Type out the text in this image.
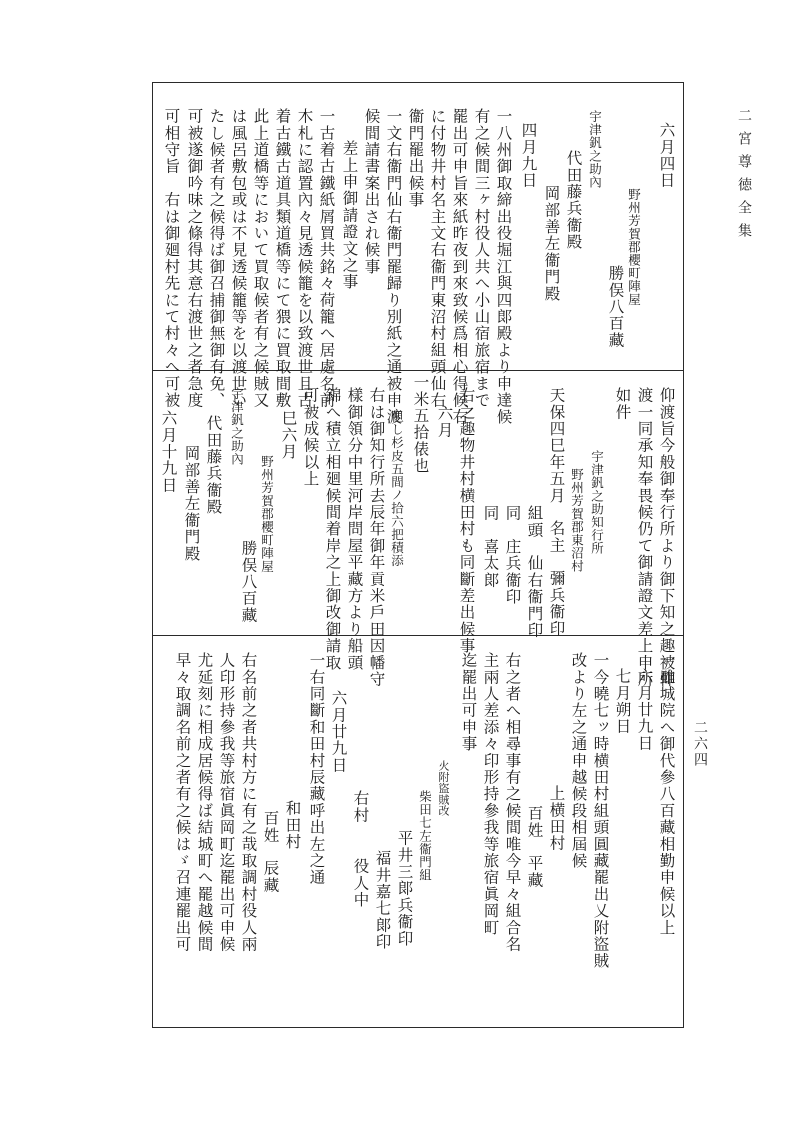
二宮尊徳全集
二六四
六月四日
野州芳賀郡櫻町陣屋
勝俣八百藏
宇津釩之助內
代田藤兵衞殿
岡部善左衞門殿
四月九日
一八州御取締出役堀江與四郞殿より申達候
有之候間三ヶ村役人共へ小山宿旅宿まで
罷出可申旨來紙昨夜到來致候爲相心得候右
に付物井村名主文右衞門東沼村組頭仙右
衞門罷出候事
一文右衞門仙右衞門罷歸り別紙之通被申渡
候間請書案出され候事
差上申御請證文之事
一古着古鐵紙屑買共銘々荷籠へ居處名前
木札に認置內々見透候籠を以致渡世且古
着古鐵古道具類道橋等にて猥に買取間敷
此上道橋等において買取候者有之候賊又
は風呂敷包或は不見透候籠等を以渡世い
たし候者有之候得ば御召捕御無御有免、
可被遂御吟味之條得其意右渡世之者急度
可相守旨　右は御廻村先にて村々へ可被
仰渡旨今般御奉行所より御下知之趣被仰
渡一同承知奉畏候仍て御請證文差上申所
如件
宇津釩之助知行所
野州芳賀郡東沼村
天保四巳年五月
名主　彌兵衞印
組頭　仙右衞門印
同　庄兵衞印
同　喜太郞
右之趣物井村横田村も同斷差出候事
六月
一米五拾俵也
但し杉皮五間ノ拾六把積添
右は御知行所去辰年御年貢米戶田因幡守
樣御領分中里河岸問屋平藏方より船頭
錦へ積立相廻候間着岸之上御改御請取
可被成候以上
巳六月
野州芳賀郡櫻町陣屋
勝俣八百藏
宇津釩之助內
代田藤兵衞殿
岡部善左衞門殿
六月十九日
一雖城院へ御代參八百藏相勤申候以上
六月廿九日
七月朔日
一今曉七ッ時横田村組頭圓藏罷出乂附盜賊
改より左之通申越候段相屆候
上横田村
百姓　平藏
右之者へ相尋事有之候間唯今早々組合名
主兩人差添々印形持參我等旅宿眞岡町
迄罷出可申事
火附盜賊改
柴田七左衞門組
平井三郞兵衞印
福井嘉七郞印
右村
役人中
六月廿九日
一右同斷和田村辰藏呼出左之通
和田村
百姓　辰藏
右名前之者共村方に有之哉取調村役人兩
人印形持參我等旅宿眞岡町迄罷出可申候
尤延刻に相成居候得ば結城町へ罷越候間
早々取調名前之者有之候はゞ召連罷出可
